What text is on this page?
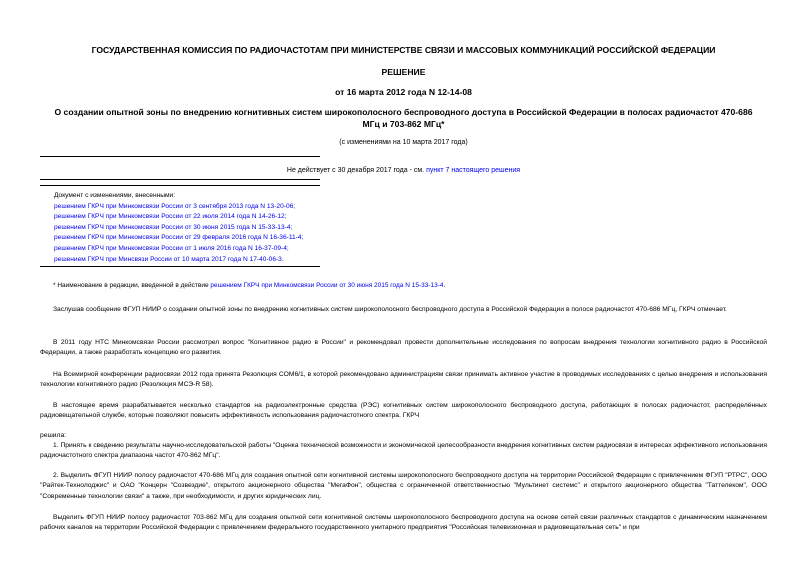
ГОСУДАРСТВЕННАЯ КОМИССИЯ ПО РАДИОЧАСТОТАМ ПРИ МИНИСТЕРСТВЕ СВЯЗИ И МАССОВЫХ КОММУНИКАЦИЙ РОССИЙСКОЙ ФЕДЕРАЦИИ
РЕШЕНИЕ
от 16 марта 2012 года N 12-14-08
О создании опытной зоны по внедрению когнитивных систем широкополосного беспроводного доступа в Российской Федерации в полосах радиочастот 470-686
МГц и 703-862 МГц*
(с изменениями на 10 марта 2017 года)
Не действует с 30 декабря 2017 года - см. пункт 7 настоящего решения
Документ с изменениями, внесенными:
решением ГКРЧ при Минкомсвязи России от 3 сентября 2013 года N 13-20-06;
решением ГКРЧ при Минкомсвязи России от 22 июля 2014 года N 14-26-12;
решением ГКРЧ при Минкомсвязи России от 30 июня 2015 года N 15-33-13-4;
решением ГКРЧ при Минкомсвязи России от 29 февраля 2016 года N 16-36-11-4;
решением ГКРЧ при Минкомсвязи России от 1 июля 2016 года N 16-37-09-4;
решением ГКРЧ при Минсвязи России от 10 марта 2017 года N 17-40-06-3.
* Наименование в редакции, введенной в действие решением ГКРЧ при Минкомсвязи России от 30 июня 2015 года N 15-33-13-4.
Заслушав сообщение ФГУП НИИР о создании опытной зоны по внедрению когнитивных систем широкополосного беспроводного доступа в Российской Федерации в полосе радиочастот 470-686 МГц, ГКРЧ отмечает.
В 2011 году НТС Минкомсвязи России рассмотрел вопрос "Когнитивное радио в России" и рекомендовал провести дополнительные исследования по вопросам внедрения технологии когнитивного радио в Российской Федерации, а также разработать концепцию его развития.
На Всемирной конференции радиосвязи 2012 года принята Резолюция COM6/1, в которой рекомендовано администрациям связи принимать активное участие в проводимых исследованиях с целью внедрения и использования технологии когнитивного радио (Резолюция МСЭ-R 58).
В настоящее время разрабатывается несколько стандартов на радиоэлектронные средства (РЭС) когнитивных систем широкополосного беспроводного доступа, работающих в полосах радиочастот, распределённых радиовещательной службе, которые позволяют повысить эффективность использования радиочастотного спектра. ГКРЧ
решила:
1. Принять к сведению результаты научно-исследовательской работы "Оценка технической возможности и экономической целесообразности внедрения когнитивных систем радиосвязи в интересах эффективного использования радиочастотного спектра диапазона частот 470-862 МГц".
2. Выделить ФГУП НИИР полосу радиочастот 470-686 МГц для создания опытной сети когнитивной системы широкополосного беспроводного доступа на территории Российской Федерации с привлечением ФГУП "РТРС", ООО "Райтек-Технолоджис" и ОАО "Концерн "Созвездие", открытого акционерного общества "МегаФон", общества с ограниченной ответственностью "Мультинет системс" и открытого акционерного общества "Таттелеком", ООО "Современные технологии связи" а также, при необходимости, и других юридических лиц.
Выделить ФГУП НИИР полосу радиочастот 703-862 МГц для создания опытной сети когнитивной системы широкополосного беспроводного доступа на основе сетей связи различных стандартов с динамическим назначением рабочих каналов на территории Российской Федерации с привлечением федерального государственного унитарного предприятия "Российская телевизионная и радиовещательная сеть" и при
